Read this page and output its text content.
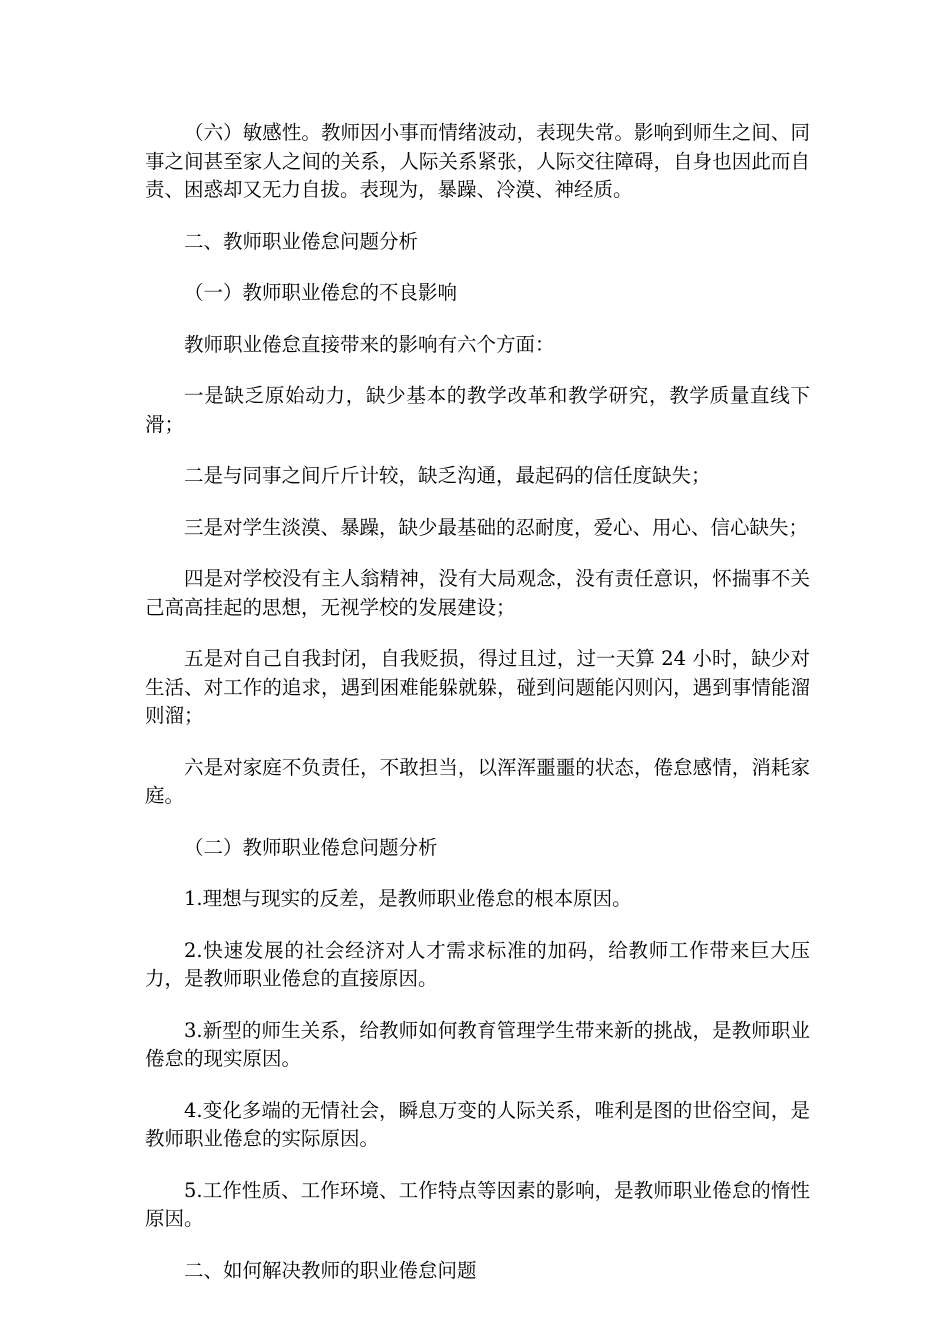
（六）敏感性。教师因小事而情绪波动，表现失常。影响到师生之间、同事之间甚至家人之间的关系，人际关系紧张，人际交往障碍，自身也因此而自责、困惑却又无力自拔。表现为，暴躁、冷漠、神经质。

二、教师职业倦怠问题分析

（一）教师职业倦怠的不良影响

教师职业倦怠直接带来的影响有六个方面：

一是缺乏原始动力，缺少基本的教学改革和教学研究，教学质量直线下滑；

二是与同事之间斤斤计较，缺乏沟通，最起码的信任度缺失；

三是对学生淡漠、暴躁，缺少最基础的忍耐度，爱心、用心、信心缺失；

四是对学校没有主人翁精神，没有大局观念，没有责任意识，怀揣事不关己高高挂起的思想，无视学校的发展建设；

五是对自己自我封闭，自我贬损，得过且过，过一天算 24 小时，缺少对生活、对工作的追求，遇到困难能躲就躲，碰到问题能闪则闪，遇到事情能溜则溜；

六是对家庭不负责任，不敢担当，以浑浑噩噩的状态，倦怠感情，消耗家庭。

（二）教师职业倦怠问题分析

1.理想与现实的反差，是教师职业倦怠的根本原因。

2.快速发展的社会经济对人才需求标准的加码，给教师工作带来巨大压力，是教师职业倦怠的直接原因。

3.新型的师生关系，给教师如何教育管理学生带来新的挑战，是教师职业倦怠的现实原因。

4.变化多端的无情社会，瞬息万变的人际关系，唯利是图的世俗空间，是教师职业倦怠的实际原因。

5.工作性质、工作环境、工作特点等因素的影响，是教师职业倦怠的惰性原因。

二、如何解决教师的职业倦怠问题
